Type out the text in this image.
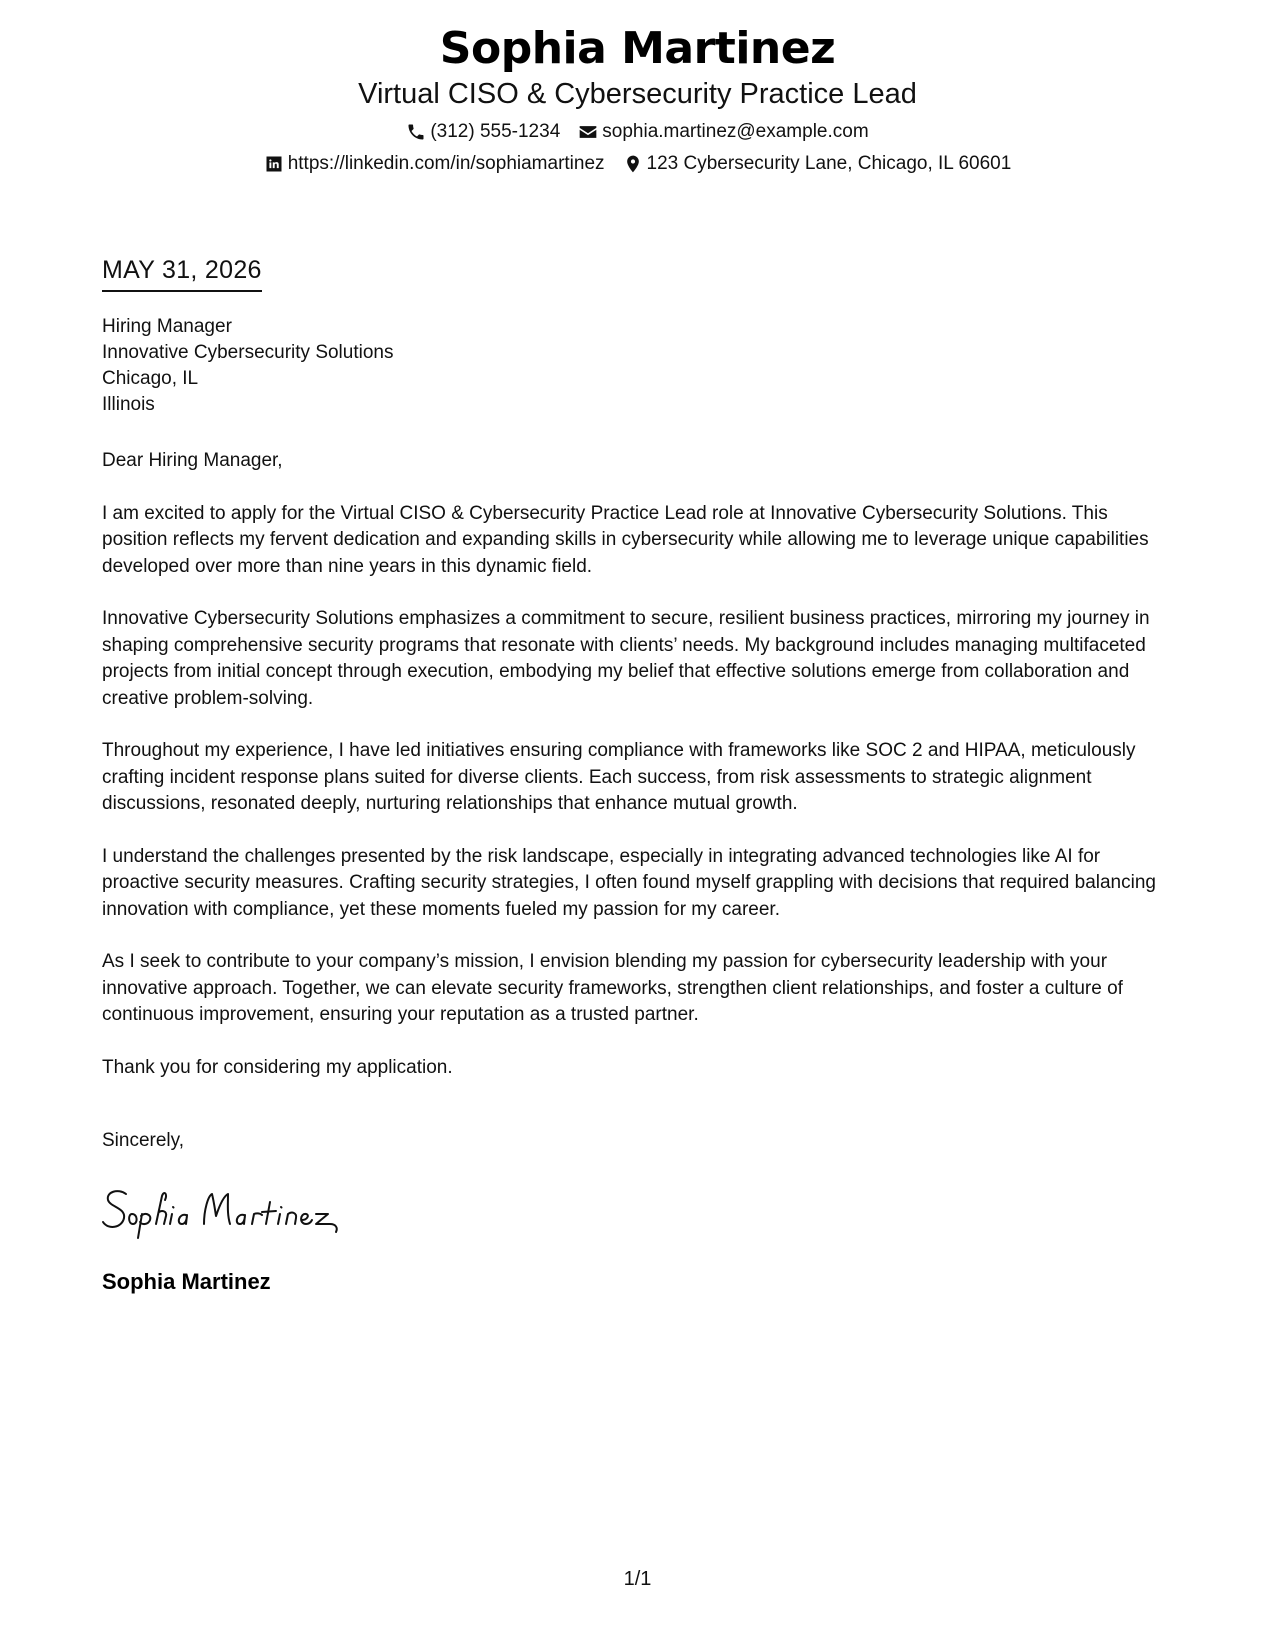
Sophia Martinez
Virtual CISO & Cybersecurity Practice Lead
(312) 555-1234 sophia.martinez@example.com
https://linkedin.com/in/sophiamartinez 123 Cybersecurity Lane, Chicago, IL 60601
MAY 31, 2026
Hiring Manager
Innovative Cybersecurity Solutions
Chicago, IL
Illinois

Dear Hiring Manager,

I am excited to apply for the Virtual CISO & Cybersecurity Practice Lead role at Innovative Cybersecurity Solutions. This position reflects my fervent dedication and expanding skills in cybersecurity while allowing me to leverage unique capabilities developed over more than nine years in this dynamic field.

Innovative Cybersecurity Solutions emphasizes a commitment to secure, resilient business practices, mirroring my journey in shaping comprehensive security programs that resonate with clients’ needs. My background includes managing multifaceted projects from initial concept through execution, embodying my belief that effective solutions emerge from collaboration and creative problem-solving.

Throughout my experience, I have led initiatives ensuring compliance with frameworks like SOC 2 and HIPAA, meticulously crafting incident response plans suited for diverse clients. Each success, from risk assessments to strategic alignment discussions, resonated deeply, nurturing relationships that enhance mutual growth.

I understand the challenges presented by the risk landscape, especially in integrating advanced technologies like AI for proactive security measures. Crafting security strategies, I often found myself grappling with decisions that required balancing innovation with compliance, yet these moments fueled my passion for my career.

As I seek to contribute to your company’s mission, I envision blending my passion for cybersecurity leadership with your innovative approach. Together, we can elevate security frameworks, strengthen client relationships, and foster a culture of continuous improvement, ensuring your reputation as a trusted partner.

Thank you for considering my application.

Sincerely,
Sophia Martinez
1/1
